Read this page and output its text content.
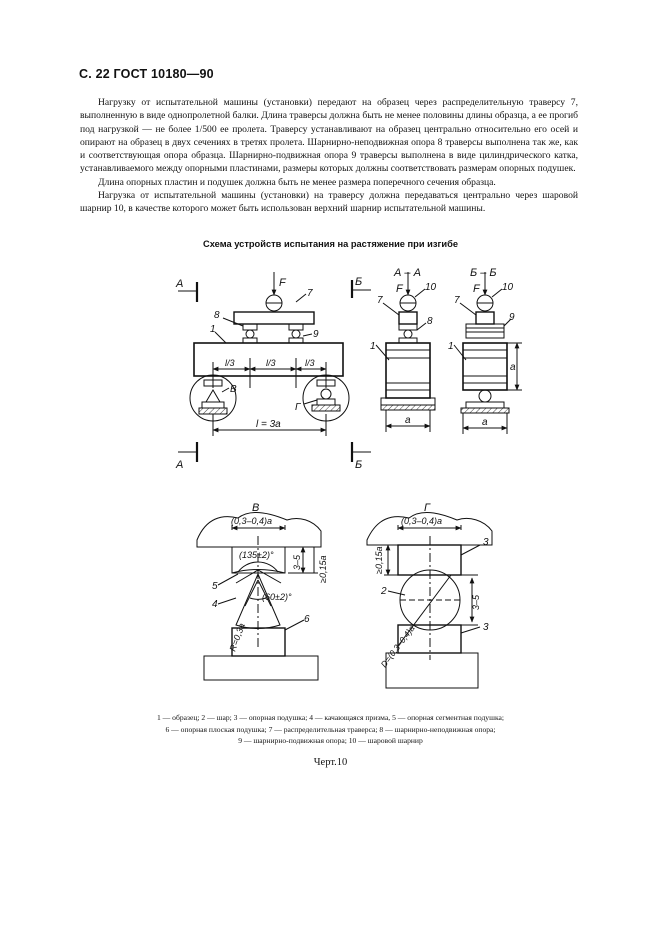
С. 22 ГОСТ 10180—90

Нагрузку от испытательной машины (установки) передают на образец через распределительную траверсу 7, выполненную в виде однопролетной балки. Длина траверсы должна быть не менее половины длины образца, а ее прогиб под нагрузкой — не более 1/500 ее пролета. Траверсу устанавливают на образец центрально относительно его осей и опирают на образец в двух сечениях в третях пролета. Шарнирно-неподвижная опора 8 траверсы выполнена так же, как и соответствующая опора образца. Шарнирно-подвижная опора 9 траверсы выполнена в виде цилиндрического катка, устанавливаемого между опорными пластинами, размеры которых должны соответствовать размерам опорных подушек.

Длина опорных пластин и подушек должна быть не менее размера поперечного сечения образца.

Нагрузка от испытательной машины (установки) на траверсу должна передаваться центрально через шаровой шарнир 10, в качестве которого может быть использован верхний шарнир испытательной машины.

Схема устройств испытания на растяжение при изгибе
А
А
F
7
8
9
1
l/3	l/3	l/3
В
Г
l = 3a
Б
Б
А – А
F 10
7
8
1
a
Б – Б
F 10
7
9
1
a
a
В
(0,3–0,4)a
(135±2)°
(60±2)°
5
4
R=0,3a
6
3–5 ≥0,15a
Г
(0,3–0,4)a
3
3
2
≥0,15a
3–5
D=(0,3–0,4)a
1 — образец; 2 — шар; 3 — опорная подушка; 4 — качающаяся призма, 5 — опорная сегментная подушка;
6 — опорная плоская подушка; 7 — распределительная траверса; 8 — шарнирно-неподвижная опора;
9 — шарнирно-подвижная опора; 10 — шаровой шарнир
Черт.10
